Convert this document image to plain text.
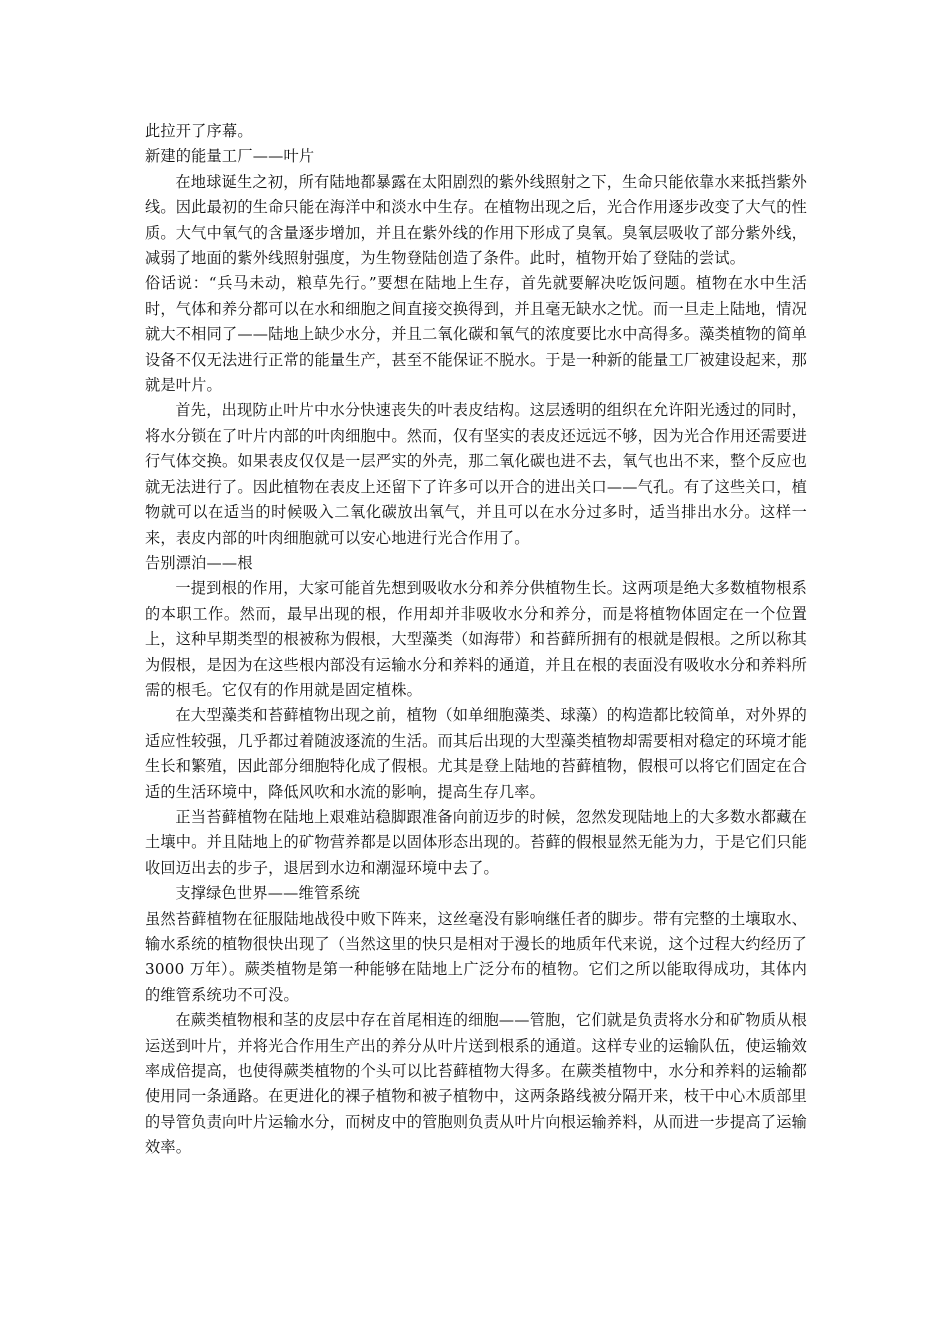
此拉开了序幕。

新建的能量工厂——叶片

在地球诞生之初，所有陆地都暴露在太阳剧烈的紫外线照射之下，生命只能依靠水来抵挡紫外线。因此最初的生命只能在海洋中和淡水中生存。在植物出现之后，光合作用逐步改变了大气的性质。大气中氧气的含量逐步增加，并且在紫外线的作用下形成了臭氧。臭氧层吸收了部分紫外线，减弱了地面的紫外线照射强度，为生物登陆创造了条件。此时，植物开始了登陆的尝试。

俗话说：“兵马未动，粮草先行。”要想在陆地上生存，首先就要解决吃饭问题。植物在水中生活时，气体和养分都可以在水和细胞之间直接交换得到，并且毫无缺水之忧。而一旦走上陆地，情况就大不相同了——陆地上缺少水分，并且二氧化碳和氧气的浓度要比水中高得多。藻类植物的简单设备不仅无法进行正常的能量生产，甚至不能保证不脱水。于是一种新的能量工厂被建设起来，那就是叶片。

首先，出现防止叶片中水分快速丧失的叶表皮结构。这层透明的组织在允许阳光透过的同时，将水分锁在了叶片内部的叶肉细胞中。然而，仅有坚实的表皮还远远不够，因为光合作用还需要进行气体交换。如果表皮仅仅是一层严实的外壳，那二氧化碳也进不去，氧气也出不来，整个反应也就无法进行了。因此植物在表皮上还留下了许多可以开合的进出关口——气孔。有了这些关口，植物就可以在适当的时候吸入二氧化碳放出氧气，并且可以在水分过多时，适当排出水分。这样一来，表皮内部的叶肉细胞就可以安心地进行光合作用了。

告别漂泊——根

一提到根的作用，大家可能首先想到吸收水分和养分供植物生长。这两项是绝大多数植物根系的本职工作。然而，最早出现的根，作用却并非吸收水分和养分，而是将植物体固定在一个位置上，这种早期类型的根被称为假根，大型藻类（如海带）和苔藓所拥有的根就是假根。之所以称其为假根，是因为在这些根内部没有运输水分和养料的通道，并且在根的表面没有吸收水分和养料所需的根毛。它仅有的作用就是固定植株。

在大型藻类和苔藓植物出现之前，植物（如单细胞藻类、球藻）的构造都比较简单，对外界的适应性较强，几乎都过着随波逐流的生活。而其后出现的大型藻类植物却需要相对稳定的环境才能生长和繁殖，因此部分细胞特化成了假根。尤其是登上陆地的苔藓植物，假根可以将它们固定在合适的生活环境中，降低风吹和水流的影响，提高生存几率。

正当苔藓植物在陆地上艰难站稳脚跟准备向前迈步的时候，忽然发现陆地上的大多数水都藏在土壤中。并且陆地上的矿物营养都是以固体形态出现的。苔藓的假根显然无能为力，于是它们只能收回迈出去的步子，退居到水边和潮湿环境中去了。

支撑绿色世界——维管系统

虽然苔藓植物在征服陆地战役中败下阵来，这丝毫没有影响继任者的脚步。带有完整的土壤取水、输水系统的植物很快出现了（当然这里的快只是相对于漫长的地质年代来说，这个过程大约经历了 3000 万年）。蕨类植物是第一种能够在陆地上广泛分布的植物。它们之所以能取得成功，其体内的维管系统功不可没。

在蕨类植物根和茎的皮层中存在首尾相连的细胞——管胞，它们就是负责将水分和矿物质从根运送到叶片，并将光合作用生产出的养分从叶片送到根系的通道。这样专业的运输队伍，使运输效率成倍提高，也使得蕨类植物的个头可以比苔藓植物大得多。在蕨类植物中，水分和养料的运输都使用同一条通路。在更进化的裸子植物和被子植物中，这两条路线被分隔开来，枝干中心木质部里的导管负责向叶片运输水分，而树皮中的管胞则负责从叶片向根运输养料，从而进一步提高了运输效率。
